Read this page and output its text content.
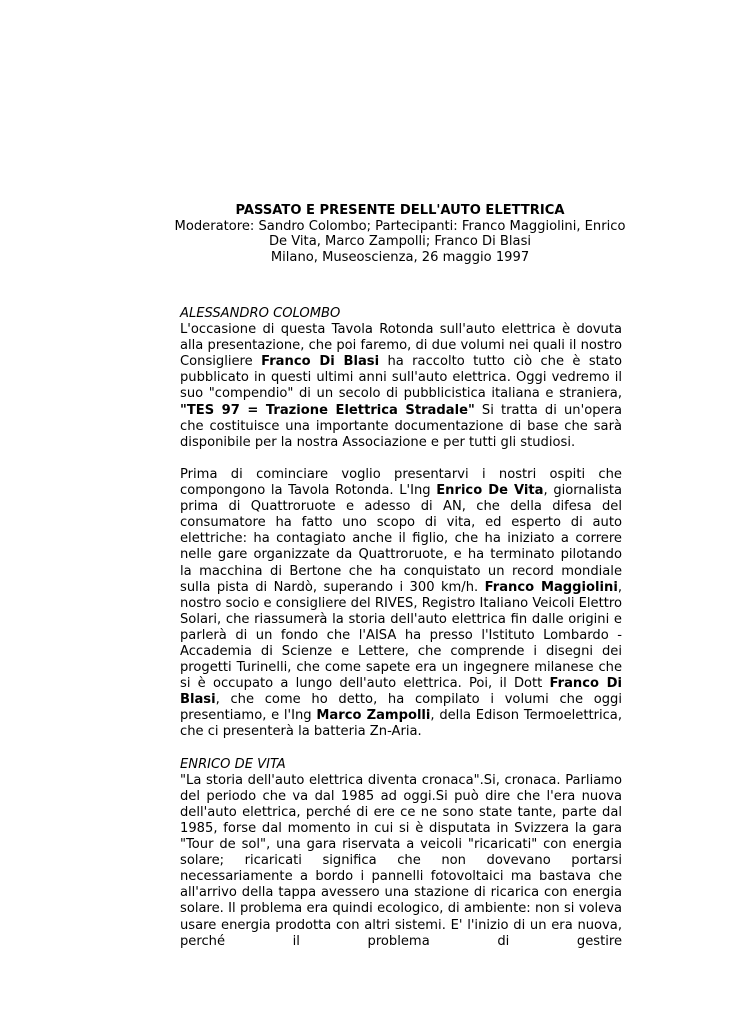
PASSATO E PRESENTE DELL'AUTO ELETTRICA
Moderatore: Sandro Colombo; Partecipanti: Franco Maggiolini, Enrico
De Vita, Marco Zampolli; Franco Di Blasi
Milano, Museoscienza, 26 maggio 1997

ALESSANDRO COLOMBO

L'occasione di questa Tavola Rotonda sull'auto elettrica è dovuta alla presentazione, che poi faremo, di due volumi nei quali il nostro Consigliere Franco Di Blasi ha raccolto tutto ciò che è stato pubblicato in questi ultimi anni sull'auto elettrica. Oggi vedremo il suo "compendio" di un secolo di pubblicistica italiana e straniera, "TES 97 = Trazione Elettrica Stradale" Si tratta di un'opera che costituisce una importante documentazione di base che sarà disponibile per la nostra Associazione e per tutti gli studiosi.

Prima di cominciare voglio presentarvi i nostri ospiti che compongono la Tavola Rotonda. L'Ing Enrico De Vita, giornalista prima di Quattroruote e adesso di AN, che della difesa del consumatore ha fatto uno scopo di vita, ed esperto di auto elettriche: ha contagiato anche il figlio, che ha iniziato a correre nelle gare organizzate da Quattroruote, e ha terminato pilotando la macchina di Bertone che ha conquistato un record mondiale sulla pista di Nardò, superando i 300 km/h. Franco Maggiolini, nostro socio e consigliere del RIVES, Registro Italiano Veicoli Elettro Solari, che riassumerà la storia dell'auto elettrica fin dalle origini e parlerà di un fondo che l'AISA ha presso l'Istituto Lombardo - Accademia di Scienze e Lettere, che comprende i disegni dei progetti Turinelli, che come sapete era un ingegnere milanese che si è occupato a lungo dell'auto elettrica. Poi, il Dott Franco Di Blasi, che come ho detto, ha compilato i volumi che oggi presentiamo, e l'Ing Marco Zampolli, della Edison Termoelettrica, che ci presenterà la batteria Zn-Aria.

ENRICO DE VITA

"La storia dell'auto elettrica diventa cronaca".Si, cronaca. Parliamo del periodo che va dal 1985 ad oggi.Si può dire che l'era nuova dell'auto elettrica, perché di ere ce ne sono state tante, parte dal 1985, forse dal momento in cui si è disputata in Svizzera la gara "Tour de sol", una gara riservata a veicoli "ricaricati" con energia solare; ricaricati significa che non dovevano portarsi necessariamente a bordo i pannelli fotovoltaici ma bastava che all'arrivo della tappa avessero una stazione di ricarica con energia solare. Il problema era quindi ecologico, di ambiente: non si voleva usare energia prodotta con altri sistemi. E' l'inizio di un era nuova, perché il problema di gestire
